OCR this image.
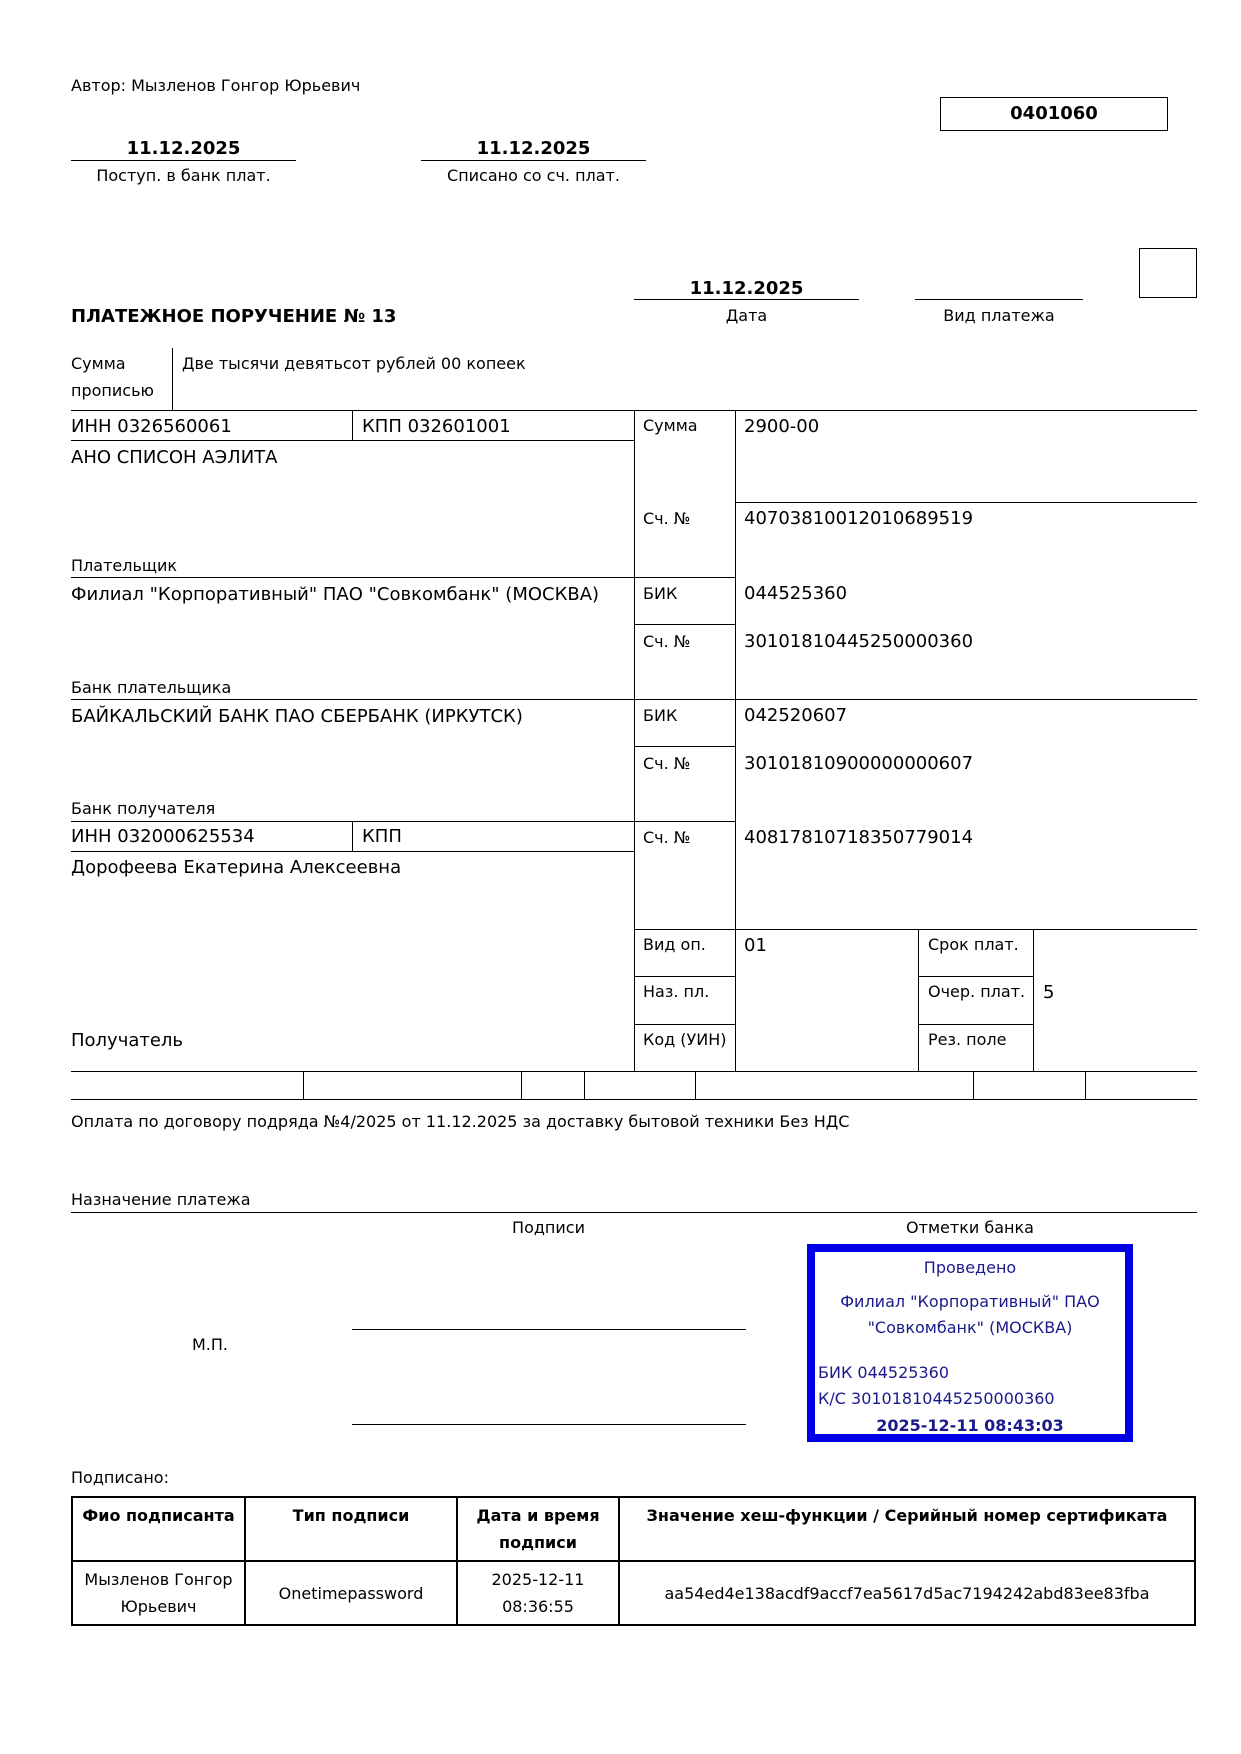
Автор: Мызленов Гонгор Юрьевич
0401060
11.12.2025
Поступ. в банк плат.
11.12.2025
Списано со сч. плат.
ПЛАТЕЖНОЕ ПОРУЧЕНИЕ № 13
11.12.2025
Дата	Вид платежа
Сумма
прописью
Две тысячи девятьсот рублей 00 копеек
ИНН 0326560061	КПП 032601001
АНО СПИСОН АЭЛИТА
Плательщик
Сумма	2900-00
Сч. №	40703810012010689519
Филиал "Корпоративный" ПАО "Совкомбанк" (МОСКВА)	БИК	044525360
Сч. №	30101810445250000360
Банк плательщика
БАЙКАЛЬСКИЙ БАНК ПАО СБЕРБАНК (ИРКУТСК)	БИК	042520607
Сч. №	30101810900000000607
Банк получателя
ИНН 032000625534	КПП
Дорофеева Екатерина Алексеевна
Получатель
Сч. №	40817810718350779014
Вид оп. 01
Наз. пл.
Код (УИН)
Срок плат.
Очер. плат. 5
Рез. поле
Оплата по договору подряда №4/2025 от 11.12.2025 за доставку бытовой техники Без НДС
Назначение платежа
Подписи	Отметки банка
М.П.
Проведено
Филиал "Корпоративный" ПАО
"Совкомбанк" (МОСКВА)
БИК 044525360
К/С 30101810445250000360
2025-12-11 08:43:03
Подписано:
Фио подписанта	Тип подписи	Дата и время подписи	Значение хеш-функции / Серийный номер сертификата
Мызленов Гонгор Юрьевич	Onetimepassword	2025-12-11 08:36:55	aa54ed4e138acdf9accf7ea5617d5ac7194242abd83ee83fba
